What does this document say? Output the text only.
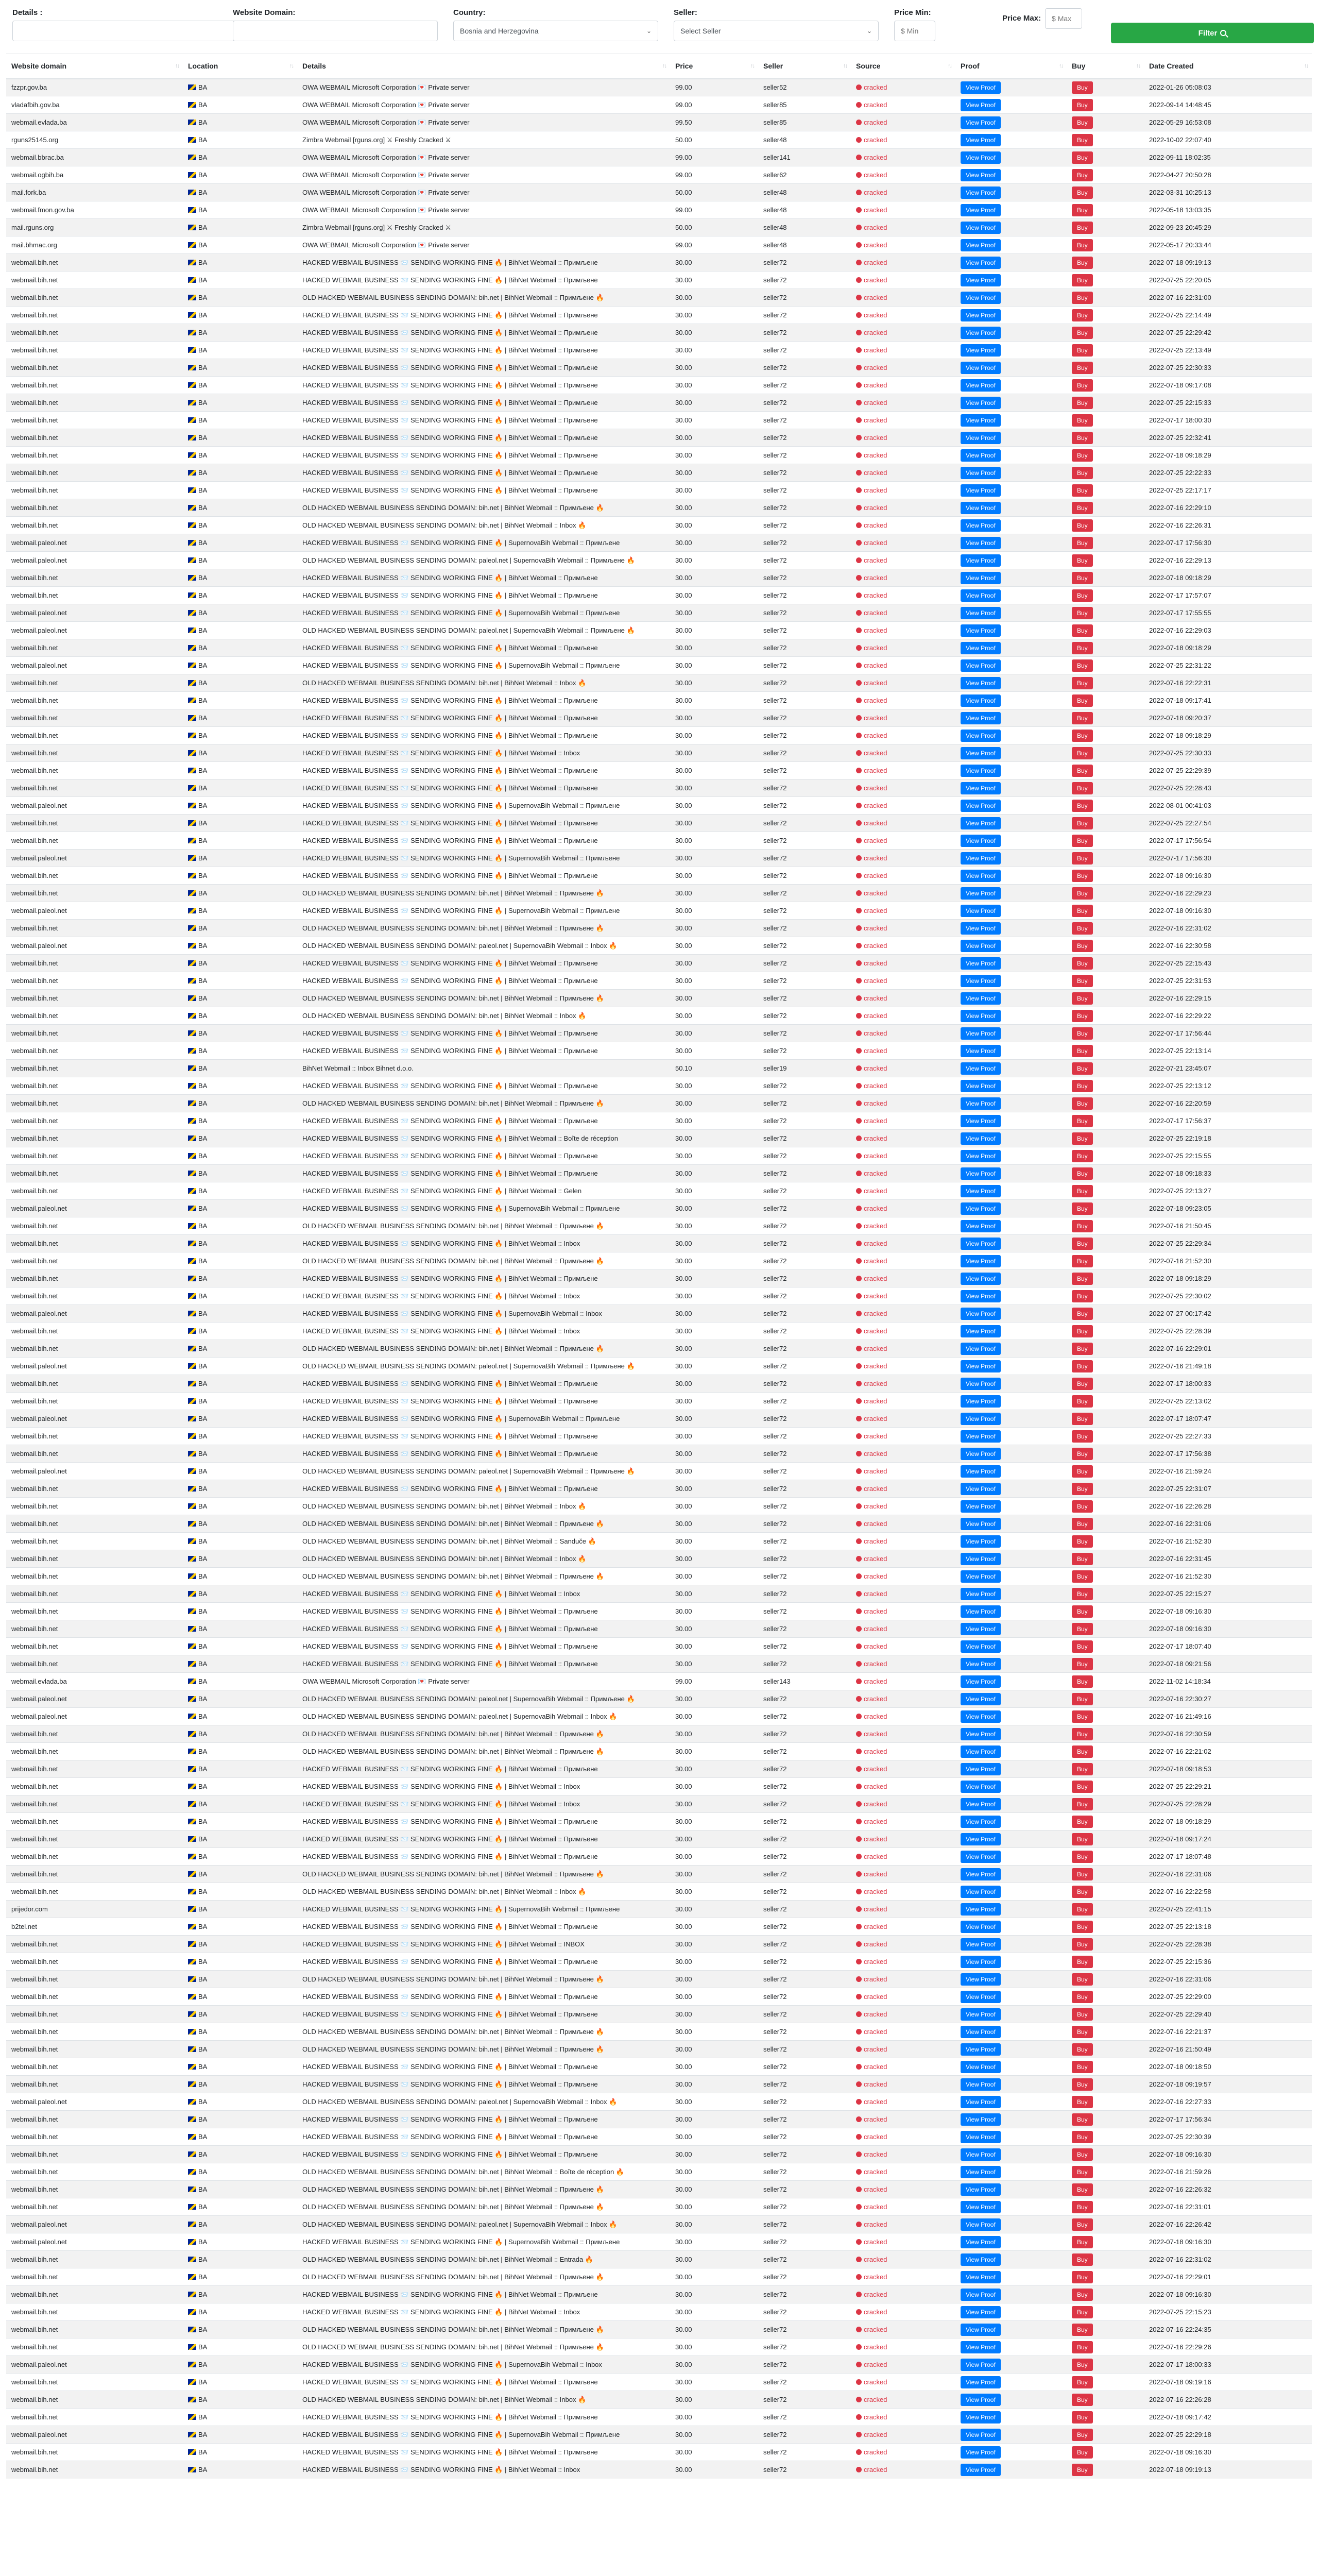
Details :	Website Domain:	Country:
Bosnia and Herzegovina	⌄
Seller:
Select Seller	⌄
Price Min:
$ Min
Price Max:
$ Max
Filter
Website domain ↑↓	Location ↑↓	Details ↑↓	Price ↑↓	Seller ↑↓	Source ↑↓	Proof ↑↓	Buy ↑↓	Date Created ↑↓

fzzpr.gov.ba	BA	OWA WEBMAIL Microsoft Corporation 💌 Private server	99.00	seller52	cracked	View Proof	Buy	2022-01-26 05:08:03
vladafbih.gov.ba	BA	OWA WEBMAIL Microsoft Corporation 💌 Private server	99.00	seller85	cracked	View Proof	Buy	2022-09-14 14:48:45
webmail.evlada.ba	BA	OWA WEBMAIL Microsoft Corporation 💌 Private server	99.50	seller85	cracked	View Proof	Buy	2022-05-29 16:53:08
rguns25145.org	BA	Zimbra Webmail [rguns.org] ⚔ Freshly Cracked ⚔	50.00	seller48	cracked	View Proof	Buy	2022-10-02 22:07:40
webmail.bbrac.ba	BA	OWA WEBMAIL Microsoft Corporation 💌 Private server	99.00	seller141	cracked	View Proof	Buy	2022-09-11 18:02:35
webmail.ogbih.ba	BA	OWA WEBMAIL Microsoft Corporation 💌 Private server	99.00	seller62	cracked	View Proof	Buy	2022-04-27 20:50:28
mail.fork.ba	BA	OWA WEBMAIL Microsoft Corporation 💌 Private server	50.00	seller48	cracked	View Proof	Buy	2022-03-31 10:25:13
webmail.fmon.gov.ba	BA	OWA WEBMAIL Microsoft Corporation 💌 Private server	99.00	seller48	cracked	View Proof	Buy	2022-05-18 13:03:35
mail.rguns.org	BA	Zimbra Webmail [rguns.org] ⚔ Freshly Cracked ⚔	50.00	seller48	cracked	View Proof	Buy	2022-09-23 20:45:29
mail.bhmac.org	BA	OWA WEBMAIL Microsoft Corporation 💌 Private server	99.00	seller48	cracked	View Proof	Buy	2022-05-17 20:33:44
webmail.bih.net	BA	HACKED WEBMAIL BUSINESS 📨 SENDING WORKING FINE 🔥 | BihNet Webmail :: Примљене	30.00	seller72	cracked	View Proof	Buy	2022-07-18 09:19:13
webmail.bih.net	BA	HACKED WEBMAIL BUSINESS 📨 SENDING WORKING FINE 🔥 | BihNet Webmail :: Примљене	30.00	seller72	cracked	View Proof	Buy	2022-07-25 22:20:05
webmail.bih.net	BA	OLD HACKED WEBMAIL BUSINESS SENDING DOMAIN: bih.net | BihNet Webmail :: Примљене 🔥	30.00	seller72	cracked	View Proof	Buy	2022-07-16 22:31:00
webmail.bih.net	BA	HACKED WEBMAIL BUSINESS 📨 SENDING WORKING FINE 🔥 | BihNet Webmail :: Примљене	30.00	seller72	cracked	View Proof	Buy	2022-07-25 22:14:49
webmail.bih.net	BA	HACKED WEBMAIL BUSINESS 📨 SENDING WORKING FINE 🔥 | BihNet Webmail :: Примљене	30.00	seller72	cracked	View Proof	Buy	2022-07-25 22:29:42
webmail.bih.net	BA	HACKED WEBMAIL BUSINESS 📨 SENDING WORKING FINE 🔥 | BihNet Webmail :: Примљене	30.00	seller72	cracked	View Proof	Buy	2022-07-25 22:13:49
webmail.bih.net	BA	HACKED WEBMAIL BUSINESS 📨 SENDING WORKING FINE 🔥 | BihNet Webmail :: Примљене	30.00	seller72	cracked	View Proof	Buy	2022-07-25 22:30:33
webmail.bih.net	BA	HACKED WEBMAIL BUSINESS 📨 SENDING WORKING FINE 🔥 | BihNet Webmail :: Примљене	30.00	seller72	cracked	View Proof	Buy	2022-07-18 09:17:08
webmail.bih.net	BA	HACKED WEBMAIL BUSINESS 📨 SENDING WORKING FINE 🔥 | BihNet Webmail :: Примљене	30.00	seller72	cracked	View Proof	Buy	2022-07-25 22:15:33
webmail.bih.net	BA	HACKED WEBMAIL BUSINESS 📨 SENDING WORKING FINE 🔥 | BihNet Webmail :: Примљене	30.00	seller72	cracked	View Proof	Buy	2022-07-17 18:00:30
webmail.bih.net	BA	HACKED WEBMAIL BUSINESS 📨 SENDING WORKING FINE 🔥 | BihNet Webmail :: Примљене	30.00	seller72	cracked	View Proof	Buy	2022-07-25 22:32:41
webmail.bih.net	BA	HACKED WEBMAIL BUSINESS 📨 SENDING WORKING FINE 🔥 | BihNet Webmail :: Примљене	30.00	seller72	cracked	View Proof	Buy	2022-07-18 09:18:29
webmail.bih.net	BA	HACKED WEBMAIL BUSINESS 📨 SENDING WORKING FINE 🔥 | BihNet Webmail :: Примљене	30.00	seller72	cracked	View Proof	Buy	2022-07-25 22:22:33
webmail.bih.net	BA	HACKED WEBMAIL BUSINESS 📨 SENDING WORKING FINE 🔥 | BihNet Webmail :: Примљене	30.00	seller72	cracked	View Proof	Buy	2022-07-25 22:17:17
webmail.bih.net	BA	OLD HACKED WEBMAIL BUSINESS SENDING DOMAIN: bih.net | BihNet Webmail :: Примљене 🔥	30.00	seller72	cracked	View Proof	Buy	2022-07-16 22:29:10
webmail.bih.net	BA	OLD HACKED WEBMAIL BUSINESS SENDING DOMAIN: bih.net | BihNet Webmail :: Inbox 🔥	30.00	seller72	cracked	View Proof	Buy	2022-07-16 22:26:31
webmail.paleol.net	BA	HACKED WEBMAIL BUSINESS 📨 SENDING WORKING FINE 🔥 | SupernovaBih Webmail :: Примљене	30.00	seller72	cracked	View Proof	Buy	2022-07-17 17:56:30
webmail.paleol.net	BA	OLD HACKED WEBMAIL BUSINESS SENDING DOMAIN: paleol.net | SupernovaBih Webmail :: Примљене 🔥	30.00	seller72	cracked	View Proof	Buy	2022-07-16 22:29:13
webmail.bih.net	BA	HACKED WEBMAIL BUSINESS 📨 SENDING WORKING FINE 🔥 | BihNet Webmail :: Примљене	30.00	seller72	cracked	View Proof	Buy	2022-07-18 09:18:29
webmail.bih.net	BA	HACKED WEBMAIL BUSINESS 📨 SENDING WORKING FINE 🔥 | BihNet Webmail :: Примљене	30.00	seller72	cracked	View Proof	Buy	2022-07-17 17:57:07
webmail.paleol.net	BA	HACKED WEBMAIL BUSINESS 📨 SENDING WORKING FINE 🔥 | SupernovaBih Webmail :: Примљене	30.00	seller72	cracked	View Proof	Buy	2022-07-17 17:55:55
webmail.paleol.net	BA	OLD HACKED WEBMAIL BUSINESS SENDING DOMAIN: paleol.net | SupernovaBih Webmail :: Примљене 🔥	30.00	seller72	cracked	View Proof	Buy	2022-07-16 22:29:03
webmail.bih.net	BA	HACKED WEBMAIL BUSINESS 📨 SENDING WORKING FINE 🔥 | BihNet Webmail :: Примљене	30.00	seller72	cracked	View Proof	Buy	2022-07-18 09:18:29
webmail.paleol.net	BA	HACKED WEBMAIL BUSINESS 📨 SENDING WORKING FINE 🔥 | SupernovaBih Webmail :: Примљене	30.00	seller72	cracked	View Proof	Buy	2022-07-25 22:31:22
webmail.bih.net	BA	OLD HACKED WEBMAIL BUSINESS SENDING DOMAIN: bih.net | BihNet Webmail :: Inbox 🔥	30.00	seller72	cracked	View Proof	Buy	2022-07-16 22:22:31
webmail.bih.net	BA	HACKED WEBMAIL BUSINESS 📨 SENDING WORKING FINE 🔥 | BihNet Webmail :: Примљене	30.00	seller72	cracked	View Proof	Buy	2022-07-18 09:17:41
webmail.bih.net	BA	HACKED WEBMAIL BUSINESS 📨 SENDING WORKING FINE 🔥 | BihNet Webmail :: Примљене	30.00	seller72	cracked	View Proof	Buy	2022-07-18 09:20:37
webmail.bih.net	BA	HACKED WEBMAIL BUSINESS 📨 SENDING WORKING FINE 🔥 | BihNet Webmail :: Примљене	30.00	seller72	cracked	View Proof	Buy	2022-07-18 09:18:29
webmail.bih.net	BA	HACKED WEBMAIL BUSINESS 📨 SENDING WORKING FINE 🔥 | BihNet Webmail :: Inbox	30.00	seller72	cracked	View Proof	Buy	2022-07-25 22:30:33
webmail.bih.net	BA	HACKED WEBMAIL BUSINESS 📨 SENDING WORKING FINE 🔥 | BihNet Webmail :: Примљене	30.00	seller72	cracked	View Proof	Buy	2022-07-25 22:29:39
webmail.bih.net	BA	HACKED WEBMAIL BUSINESS 📨 SENDING WORKING FINE 🔥 | BihNet Webmail :: Примљене	30.00	seller72	cracked	View Proof	Buy	2022-07-25 22:28:43
webmail.paleol.net	BA	HACKED WEBMAIL BUSINESS 📨 SENDING WORKING FINE 🔥 | SupernovaBih Webmail :: Примљене	30.00	seller72	cracked	View Proof	Buy	2022-08-01 00:41:03
webmail.bih.net	BA	HACKED WEBMAIL BUSINESS 📨 SENDING WORKING FINE 🔥 | BihNet Webmail :: Примљене	30.00	seller72	cracked	View Proof	Buy	2022-07-25 22:27:54
webmail.bih.net	BA	HACKED WEBMAIL BUSINESS 📨 SENDING WORKING FINE 🔥 | BihNet Webmail :: Примљене	30.00	seller72	cracked	View Proof	Buy	2022-07-17 17:56:54
webmail.paleol.net	BA	HACKED WEBMAIL BUSINESS 📨 SENDING WORKING FINE 🔥 | SupernovaBih Webmail :: Примљене	30.00	seller72	cracked	View Proof	Buy	2022-07-17 17:56:30
webmail.bih.net	BA	HACKED WEBMAIL BUSINESS 📨 SENDING WORKING FINE 🔥 | BihNet Webmail :: Примљене	30.00	seller72	cracked	View Proof	Buy	2022-07-18 09:16:30
webmail.bih.net	BA	OLD HACKED WEBMAIL BUSINESS SENDING DOMAIN: bih.net | BihNet Webmail :: Примљене 🔥	30.00	seller72	cracked	View Proof	Buy	2022-07-16 22:29:23
webmail.paleol.net	BA	HACKED WEBMAIL BUSINESS 📨 SENDING WORKING FINE 🔥 | SupernovaBih Webmail :: Примљене	30.00	seller72	cracked	View Proof	Buy	2022-07-18 09:16:30
webmail.bih.net	BA	OLD HACKED WEBMAIL BUSINESS SENDING DOMAIN: bih.net | BihNet Webmail :: Примљене 🔥	30.00	seller72	cracked	View Proof	Buy	2022-07-16 22:31:02
webmail.paleol.net	BA	OLD HACKED WEBMAIL BUSINESS SENDING DOMAIN: paleol.net | SupernovaBih Webmail :: Inbox 🔥	30.00	seller72	cracked	View Proof	Buy	2022-07-16 22:30:58
webmail.bih.net	BA	HACKED WEBMAIL BUSINESS 📨 SENDING WORKING FINE 🔥 | BihNet Webmail :: Примљене	30.00	seller72	cracked	View Proof	Buy	2022-07-25 22:15:43
webmail.bih.net	BA	HACKED WEBMAIL BUSINESS 📨 SENDING WORKING FINE 🔥 | BihNet Webmail :: Примљене	30.00	seller72	cracked	View Proof	Buy	2022-07-25 22:31:53
webmail.bih.net	BA	OLD HACKED WEBMAIL BUSINESS SENDING DOMAIN: bih.net | BihNet Webmail :: Примљене 🔥	30.00	seller72	cracked	View Proof	Buy	2022-07-16 22:29:15
webmail.bih.net	BA	OLD HACKED WEBMAIL BUSINESS SENDING DOMAIN: bih.net | BihNet Webmail :: Inbox 🔥	30.00	seller72	cracked	View Proof	Buy	2022-07-16 22:29:22
webmail.bih.net	BA	HACKED WEBMAIL BUSINESS 📨 SENDING WORKING FINE 🔥 | BihNet Webmail :: Примљене	30.00	seller72	cracked	View Proof	Buy	2022-07-17 17:56:44
webmail.bih.net	BA	HACKED WEBMAIL BUSINESS 📨 SENDING WORKING FINE 🔥 | BihNet Webmail :: Примљене	30.00	seller72	cracked	View Proof	Buy	2022-07-25 22:13:14
webmail.bih.net	BA	BihNet Webmail :: Inbox Bihnet d.o.o.	50.10	seller19	cracked	View Proof	Buy	2022-07-21 23:45:07
webmail.bih.net	BA	HACKED WEBMAIL BUSINESS 📨 SENDING WORKING FINE 🔥 | BihNet Webmail :: Примљене	30.00	seller72	cracked	View Proof	Buy	2022-07-25 22:13:12
webmail.bih.net	BA	OLD HACKED WEBMAIL BUSINESS SENDING DOMAIN: bih.net | BihNet Webmail :: Примљене 🔥	30.00	seller72	cracked	View Proof	Buy	2022-07-16 22:20:59
webmail.bih.net	BA	HACKED WEBMAIL BUSINESS 📨 SENDING WORKING FINE 🔥 | BihNet Webmail :: Примљене	30.00	seller72	cracked	View Proof	Buy	2022-07-17 17:56:37
webmail.bih.net	BA	HACKED WEBMAIL BUSINESS 📨 SENDING WORKING FINE 🔥 | BihNet Webmail :: Boîte de réception	30.00	seller72	cracked	View Proof	Buy	2022-07-25 22:19:18
webmail.bih.net	BA	HACKED WEBMAIL BUSINESS 📨 SENDING WORKING FINE 🔥 | BihNet Webmail :: Примљене	30.00	seller72	cracked	View Proof	Buy	2022-07-25 22:15:55
webmail.bih.net	BA	HACKED WEBMAIL BUSINESS 📨 SENDING WORKING FINE 🔥 | BihNet Webmail :: Примљене	30.00	seller72	cracked	View Proof	Buy	2022-07-18 09:18:33
webmail.bih.net	BA	HACKED WEBMAIL BUSINESS 📨 SENDING WORKING FINE 🔥 | BihNet Webmail :: Gelen	30.00	seller72	cracked	View Proof	Buy	2022-07-25 22:13:27
webmail.paleol.net	BA	HACKED WEBMAIL BUSINESS 📨 SENDING WORKING FINE 🔥 | SupernovaBih Webmail :: Примљене	30.00	seller72	cracked	View Proof	Buy	2022-07-18 09:23:05
webmail.bih.net	BA	OLD HACKED WEBMAIL BUSINESS SENDING DOMAIN: bih.net | BihNet Webmail :: Примљене 🔥	30.00	seller72	cracked	View Proof	Buy	2022-07-16 21:50:45
webmail.bih.net	BA	HACKED WEBMAIL BUSINESS 📨 SENDING WORKING FINE 🔥 | BihNet Webmail :: Inbox	30.00	seller72	cracked	View Proof	Buy	2022-07-25 22:29:34
webmail.bih.net	BA	OLD HACKED WEBMAIL BUSINESS SENDING DOMAIN: bih.net | BihNet Webmail :: Примљене 🔥	30.00	seller72	cracked	View Proof	Buy	2022-07-16 21:52:30
webmail.bih.net	BA	HACKED WEBMAIL BUSINESS 📨 SENDING WORKING FINE 🔥 | BihNet Webmail :: Примљене	30.00	seller72	cracked	View Proof	Buy	2022-07-18 09:18:29
webmail.bih.net	BA	HACKED WEBMAIL BUSINESS 📨 SENDING WORKING FINE 🔥 | BihNet Webmail :: Inbox	30.00	seller72	cracked	View Proof	Buy	2022-07-25 22:30:02
webmail.paleol.net	BA	HACKED WEBMAIL BUSINESS 📨 SENDING WORKING FINE 🔥 | SupernovaBih Webmail :: Inbox	30.00	seller72	cracked	View Proof	Buy	2022-07-27 00:17:42
webmail.bih.net	BA	HACKED WEBMAIL BUSINESS 📨 SENDING WORKING FINE 🔥 | BihNet Webmail :: Inbox	30.00	seller72	cracked	View Proof	Buy	2022-07-25 22:28:39
webmail.bih.net	BA	OLD HACKED WEBMAIL BUSINESS SENDING DOMAIN: bih.net | BihNet Webmail :: Примљене 🔥	30.00	seller72	cracked	View Proof	Buy	2022-07-16 22:29:01
webmail.paleol.net	BA	OLD HACKED WEBMAIL BUSINESS SENDING DOMAIN: paleol.net | SupernovaBih Webmail :: Примљене 🔥	30.00	seller72	cracked	View Proof	Buy	2022-07-16 21:49:18
webmail.bih.net	BA	HACKED WEBMAIL BUSINESS 📨 SENDING WORKING FINE 🔥 | BihNet Webmail :: Примљене	30.00	seller72	cracked	View Proof	Buy	2022-07-17 18:00:33
webmail.bih.net	BA	HACKED WEBMAIL BUSINESS 📨 SENDING WORKING FINE 🔥 | BihNet Webmail :: Примљене	30.00	seller72	cracked	View Proof	Buy	2022-07-25 22:13:02
webmail.paleol.net	BA	HACKED WEBMAIL BUSINESS 📨 SENDING WORKING FINE 🔥 | SupernovaBih Webmail :: Примљене	30.00	seller72	cracked	View Proof	Buy	2022-07-17 18:07:47
webmail.bih.net	BA	HACKED WEBMAIL BUSINESS 📨 SENDING WORKING FINE 🔥 | BihNet Webmail :: Примљене	30.00	seller72	cracked	View Proof	Buy	2022-07-25 22:27:33
webmail.bih.net	BA	HACKED WEBMAIL BUSINESS 📨 SENDING WORKING FINE 🔥 | BihNet Webmail :: Примљене	30.00	seller72	cracked	View Proof	Buy	2022-07-17 17:56:38
webmail.paleol.net	BA	OLD HACKED WEBMAIL BUSINESS SENDING DOMAIN: paleol.net | SupernovaBih Webmail :: Примљене 🔥	30.00	seller72	cracked	View Proof	Buy	2022-07-16 21:59:24
webmail.bih.net	BA	HACKED WEBMAIL BUSINESS 📨 SENDING WORKING FINE 🔥 | BihNet Webmail :: Примљене	30.00	seller72	cracked	View Proof	Buy	2022-07-25 22:31:07
webmail.bih.net	BA	OLD HACKED WEBMAIL BUSINESS SENDING DOMAIN: bih.net | BihNet Webmail :: Inbox 🔥	30.00	seller72	cracked	View Proof	Buy	2022-07-16 22:26:28
webmail.bih.net	BA	OLD HACKED WEBMAIL BUSINESS SENDING DOMAIN: bih.net | BihNet Webmail :: Примљене 🔥	30.00	seller72	cracked	View Proof	Buy	2022-07-16 22:31:06
webmail.bih.net	BA	OLD HACKED WEBMAIL BUSINESS SENDING DOMAIN: bih.net | BihNet Webmail :: Sanduče 🔥	30.00	seller72	cracked	View Proof	Buy	2022-07-16 21:52:30
webmail.bih.net	BA	OLD HACKED WEBMAIL BUSINESS SENDING DOMAIN: bih.net | BihNet Webmail :: Inbox 🔥	30.00	seller72	cracked	View Proof	Buy	2022-07-16 22:31:45
webmail.bih.net	BA	OLD HACKED WEBMAIL BUSINESS SENDING DOMAIN: bih.net | BihNet Webmail :: Примљене 🔥	30.00	seller72	cracked	View Proof	Buy	2022-07-16 21:52:30
webmail.bih.net	BA	HACKED WEBMAIL BUSINESS 📨 SENDING WORKING FINE 🔥 | BihNet Webmail :: Inbox	30.00	seller72	cracked	View Proof	Buy	2022-07-25 22:15:27
webmail.bih.net	BA	HACKED WEBMAIL BUSINESS 📨 SENDING WORKING FINE 🔥 | BihNet Webmail :: Примљене	30.00	seller72	cracked	View Proof	Buy	2022-07-18 09:16:30
webmail.bih.net	BA	HACKED WEBMAIL BUSINESS 📨 SENDING WORKING FINE 🔥 | BihNet Webmail :: Примљене	30.00	seller72	cracked	View Proof	Buy	2022-07-18 09:16:30
webmail.bih.net	BA	HACKED WEBMAIL BUSINESS 📨 SENDING WORKING FINE 🔥 | BihNet Webmail :: Примљене	30.00	seller72	cracked	View Proof	Buy	2022-07-17 18:07:40
webmail.bih.net	BA	HACKED WEBMAIL BUSINESS 📨 SENDING WORKING FINE 🔥 | BihNet Webmail :: Примљене	30.00	seller72	cracked	View Proof	Buy	2022-07-18 09:21:56
webmail.evlada.ba	BA	OWA WEBMAIL Microsoft Corporation 💌 Private server	99.00	seller143	cracked	View Proof	Buy	2022-11-02 14:18:34
webmail.paleol.net	BA	OLD HACKED WEBMAIL BUSINESS SENDING DOMAIN: paleol.net | SupernovaBih Webmail :: Примљене 🔥	30.00	seller72	cracked	View Proof	Buy	2022-07-16 22:30:27
webmail.paleol.net	BA	OLD HACKED WEBMAIL BUSINESS SENDING DOMAIN: paleol.net | SupernovaBih Webmail :: Inbox 🔥	30.00	seller72	cracked	View Proof	Buy	2022-07-16 21:49:16
webmail.bih.net	BA	OLD HACKED WEBMAIL BUSINESS SENDING DOMAIN: bih.net | BihNet Webmail :: Примљене 🔥	30.00	seller72	cracked	View Proof	Buy	2022-07-16 22:30:59
webmail.bih.net	BA	OLD HACKED WEBMAIL BUSINESS SENDING DOMAIN: bih.net | BihNet Webmail :: Примљене 🔥	30.00	seller72	cracked	View Proof	Buy	2022-07-16 22:21:02
webmail.bih.net	BA	HACKED WEBMAIL BUSINESS 📨 SENDING WORKING FINE 🔥 | BihNet Webmail :: Примљене	30.00	seller72	cracked	View Proof	Buy	2022-07-18 09:18:53
webmail.bih.net	BA	HACKED WEBMAIL BUSINESS 📨 SENDING WORKING FINE 🔥 | BihNet Webmail :: Inbox	30.00	seller72	cracked	View Proof	Buy	2022-07-25 22:29:21
webmail.bih.net	BA	HACKED WEBMAIL BUSINESS 📨 SENDING WORKING FINE 🔥 | BihNet Webmail :: Inbox	30.00	seller72	cracked	View Proof	Buy	2022-07-25 22:28:29
webmail.bih.net	BA	HACKED WEBMAIL BUSINESS 📨 SENDING WORKING FINE 🔥 | BihNet Webmail :: Примљене	30.00	seller72	cracked	View Proof	Buy	2022-07-18 09:18:29
webmail.bih.net	BA	HACKED WEBMAIL BUSINESS 📨 SENDING WORKING FINE 🔥 | BihNet Webmail :: Примљене	30.00	seller72	cracked	View Proof	Buy	2022-07-18 09:17:24
webmail.bih.net	BA	HACKED WEBMAIL BUSINESS 📨 SENDING WORKING FINE 🔥 | BihNet Webmail :: Примљене	30.00	seller72	cracked	View Proof	Buy	2022-07-17 18:07:48
webmail.bih.net	BA	OLD HACKED WEBMAIL BUSINESS SENDING DOMAIN: bih.net | BihNet Webmail :: Примљене 🔥	30.00	seller72	cracked	View Proof	Buy	2022-07-16 22:31:06
webmail.bih.net	BA	OLD HACKED WEBMAIL BUSINESS SENDING DOMAIN: bih.net | BihNet Webmail :: Inbox 🔥	30.00	seller72	cracked	View Proof	Buy	2022-07-16 22:22:58
prijedor.com	BA	HACKED WEBMAIL BUSINESS 📨 SENDING WORKING FINE 🔥 | SupernovaBih Webmail :: Примљене	30.00	seller72	cracked	View Proof	Buy	2022-07-25 22:41:15
b2tel.net	BA	HACKED WEBMAIL BUSINESS 📨 SENDING WORKING FINE 🔥 | BihNet Webmail :: Примљене	30.00	seller72	cracked	View Proof	Buy	2022-07-25 22:13:18
webmail.bih.net	BA	HACKED WEBMAIL BUSINESS 📨 SENDING WORKING FINE 🔥 | BihNet Webmail :: INBOX	30.00	seller72	cracked	View Proof	Buy	2022-07-25 22:28:38
webmail.bih.net	BA	HACKED WEBMAIL BUSINESS 📨 SENDING WORKING FINE 🔥 | BihNet Webmail :: Примљене	30.00	seller72	cracked	View Proof	Buy	2022-07-25 22:15:36
webmail.bih.net	BA	OLD HACKED WEBMAIL BUSINESS SENDING DOMAIN: bih.net | BihNet Webmail :: Примљене 🔥	30.00	seller72	cracked	View Proof	Buy	2022-07-16 22:31:06
webmail.bih.net	BA	HACKED WEBMAIL BUSINESS 📨 SENDING WORKING FINE 🔥 | BihNet Webmail :: Примљене	30.00	seller72	cracked	View Proof	Buy	2022-07-25 22:29:00
webmail.bih.net	BA	HACKED WEBMAIL BUSINESS 📨 SENDING WORKING FINE 🔥 | BihNet Webmail :: Примљене	30.00	seller72	cracked	View Proof	Buy	2022-07-25 22:29:40
webmail.bih.net	BA	OLD HACKED WEBMAIL BUSINESS SENDING DOMAIN: bih.net | BihNet Webmail :: Примљене 🔥	30.00	seller72	cracked	View Proof	Buy	2022-07-16 22:21:37
webmail.bih.net	BA	OLD HACKED WEBMAIL BUSINESS SENDING DOMAIN: bih.net | BihNet Webmail :: Примљене 🔥	30.00	seller72	cracked	View Proof	Buy	2022-07-16 21:50:49
webmail.bih.net	BA	HACKED WEBMAIL BUSINESS 📨 SENDING WORKING FINE 🔥 | BihNet Webmail :: Примљене	30.00	seller72	cracked	View Proof	Buy	2022-07-18 09:18:50
webmail.bih.net	BA	HACKED WEBMAIL BUSINESS 📨 SENDING WORKING FINE 🔥 | BihNet Webmail :: Примљене	30.00	seller72	cracked	View Proof	Buy	2022-07-18 09:19:57
webmail.paleol.net	BA	OLD HACKED WEBMAIL BUSINESS SENDING DOMAIN: paleol.net | SupernovaBih Webmail :: Inbox 🔥	30.00	seller72	cracked	View Proof	Buy	2022-07-16 22:27:33
webmail.bih.net	BA	HACKED WEBMAIL BUSINESS 📨 SENDING WORKING FINE 🔥 | BihNet Webmail :: Примљене	30.00	seller72	cracked	View Proof	Buy	2022-07-17 17:56:34
webmail.bih.net	BA	HACKED WEBMAIL BUSINESS 📨 SENDING WORKING FINE 🔥 | BihNet Webmail :: Примљене	30.00	seller72	cracked	View Proof	Buy	2022-07-25 22:30:39
webmail.bih.net	BA	HACKED WEBMAIL BUSINESS 📨 SENDING WORKING FINE 🔥 | BihNet Webmail :: Примљене	30.00	seller72	cracked	View Proof	Buy	2022-07-18 09:16:30
webmail.bih.net	BA	OLD HACKED WEBMAIL BUSINESS SENDING DOMAIN: bih.net | BihNet Webmail :: Boîte de réception 🔥	30.00	seller72	cracked	View Proof	Buy	2022-07-16 21:59:26
webmail.bih.net	BA	OLD HACKED WEBMAIL BUSINESS SENDING DOMAIN: bih.net | BihNet Webmail :: Примљене 🔥	30.00	seller72	cracked	View Proof	Buy	2022-07-16 22:26:32
webmail.bih.net	BA	OLD HACKED WEBMAIL BUSINESS SENDING DOMAIN: bih.net | BihNet Webmail :: Примљене 🔥	30.00	seller72	cracked	View Proof	Buy	2022-07-16 22:31:01
webmail.paleol.net	BA	OLD HACKED WEBMAIL BUSINESS SENDING DOMAIN: paleol.net | SupernovaBih Webmail :: Inbox 🔥	30.00	seller72	cracked	View Proof	Buy	2022-07-16 22:26:42
webmail.paleol.net	BA	HACKED WEBMAIL BUSINESS 📨 SENDING WORKING FINE 🔥 | SupernovaBih Webmail :: Примљене	30.00	seller72	cracked	View Proof	Buy	2022-07-18 09:16:30
webmail.bih.net	BA	OLD HACKED WEBMAIL BUSINESS SENDING DOMAIN: bih.net | BihNet Webmail :: Entrada 🔥	30.00	seller72	cracked	View Proof	Buy	2022-07-16 22:31:02
webmail.bih.net	BA	OLD HACKED WEBMAIL BUSINESS SENDING DOMAIN: bih.net | BihNet Webmail :: Примљене 🔥	30.00	seller72	cracked	View Proof	Buy	2022-07-16 22:29:01
webmail.bih.net	BA	HACKED WEBMAIL BUSINESS 📨 SENDING WORKING FINE 🔥 | BihNet Webmail :: Примљене	30.00	seller72	cracked	View Proof	Buy	2022-07-18 09:16:30
webmail.bih.net	BA	HACKED WEBMAIL BUSINESS 📨 SENDING WORKING FINE 🔥 | BihNet Webmail :: Inbox	30.00	seller72	cracked	View Proof	Buy	2022-07-25 22:15:23
webmail.bih.net	BA	OLD HACKED WEBMAIL BUSINESS SENDING DOMAIN: bih.net | BihNet Webmail :: Примљене 🔥	30.00	seller72	cracked	View Proof	Buy	2022-07-16 22:24:35
webmail.bih.net	BA	OLD HACKED WEBMAIL BUSINESS SENDING DOMAIN: bih.net | BihNet Webmail :: Примљене 🔥	30.00	seller72	cracked	View Proof	Buy	2022-07-16 22:29:26
webmail.paleol.net	BA	HACKED WEBMAIL BUSINESS 📨 SENDING WORKING FINE 🔥 | SupernovaBih Webmail :: Inbox	30.00	seller72	cracked	View Proof	Buy	2022-07-17 18:00:33
webmail.bih.net	BA	HACKED WEBMAIL BUSINESS 📨 SENDING WORKING FINE 🔥 | BihNet Webmail :: Примљене	30.00	seller72	cracked	View Proof	Buy	2022-07-18 09:19:16
webmail.bih.net	BA	OLD HACKED WEBMAIL BUSINESS SENDING DOMAIN: bih.net | BihNet Webmail :: Inbox 🔥	30.00	seller72	cracked	View Proof	Buy	2022-07-16 22:26:28
webmail.bih.net	BA	HACKED WEBMAIL BUSINESS 📨 SENDING WORKING FINE 🔥 | BihNet Webmail :: Примљене	30.00	seller72	cracked	View Proof	Buy	2022-07-18 09:17:42
webmail.paleol.net	BA	HACKED WEBMAIL BUSINESS 📨 SENDING WORKING FINE 🔥 | SupernovaBih Webmail :: Примљене	30.00	seller72	cracked	View Proof	Buy	2022-07-25 22:29:18
webmail.bih.net	BA	HACKED WEBMAIL BUSINESS 📨 SENDING WORKING FINE 🔥 | BihNet Webmail :: Примљене	30.00	seller72	cracked	View Proof	Buy	2022-07-18 09:16:30
webmail.bih.net	BA	HACKED WEBMAIL BUSINESS 📨 SENDING WORKING FINE 🔥 | BihNet Webmail :: Inbox	30.00	seller72	cracked	View Proof	Buy	2022-07-18 09:19:13
